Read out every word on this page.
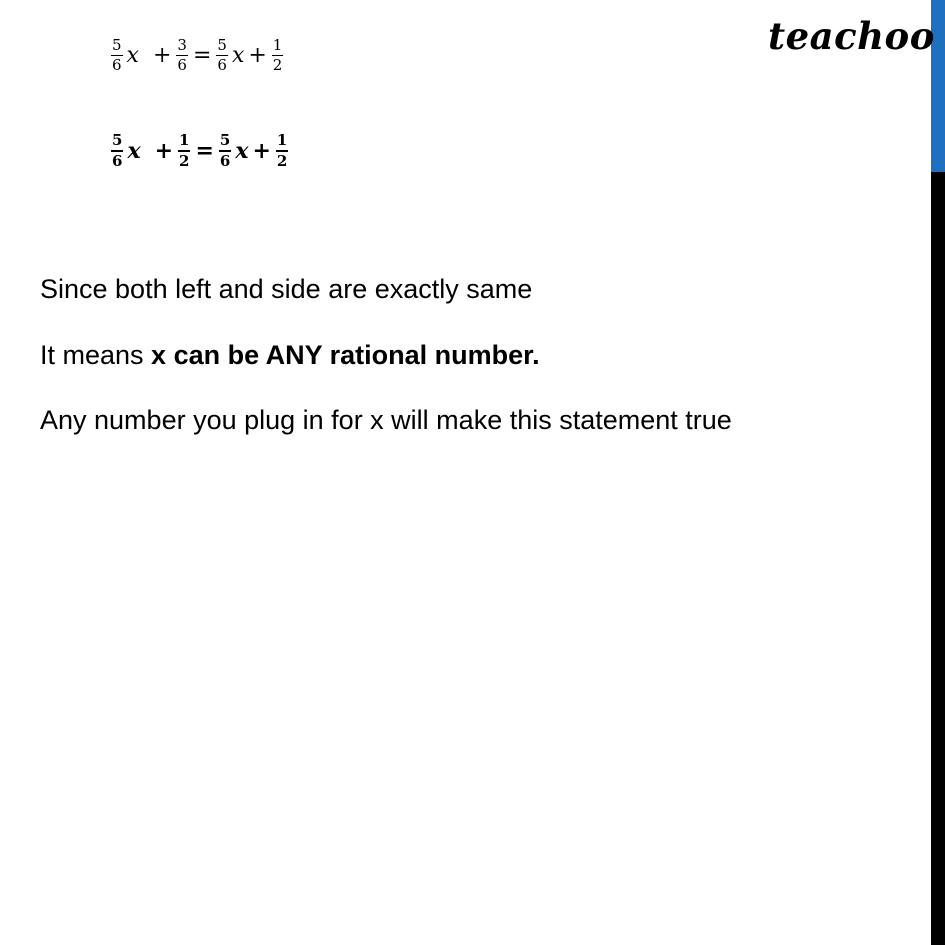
teachoo
$\frac{5}{6}$ 𝑥 + $\frac{3}{6} = \frac{5}{6}$ 𝑥 + $\frac{1}{2}$
$\frac{5}{6}$ 𝒙 + $\frac{1}{2} = \frac{5}{6}$ 𝒙 + $\frac{1}{2}$
Since both left and side are exactly same
It means x can be ANY rational number.
Any number you plug in for x will make this statement true
